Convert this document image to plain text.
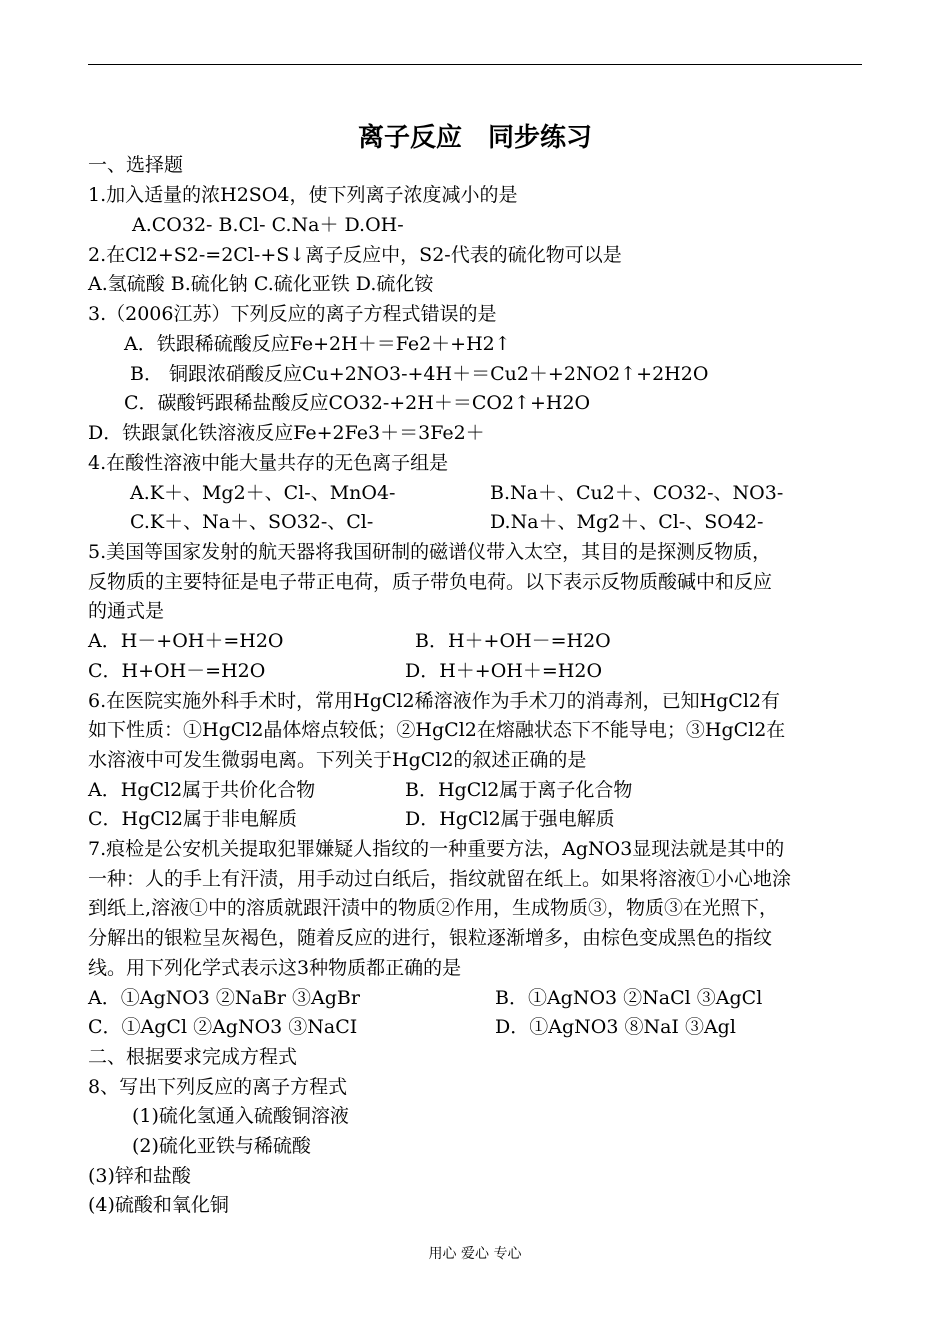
离子反应　同步练习
一、选择题
1.加入适量的浓H2SO4，使下列离子浓度减小的是
A.CO32- B.Cl- C.Na＋ D.OH-
2.在Cl2+S2-=2Cl-+S↓离子反应中，S2-代表的硫化物可以是
A.氢硫酸 B.硫化钠 C.硫化亚铁 D.硫化铵
3.（2006江苏）下列反应的离子方程式错误的是
A．铁跟稀硫酸反应Fe+2H＋＝Fe2＋+H2↑
B． 铜跟浓硝酸反应Cu+2NO3-+4H＋＝Cu2＋+2NO2↑+2H2O
C．碳酸钙跟稀盐酸反应CO32-+2H＋＝CO2↑+H2O
D．铁跟氯化铁溶液反应Fe+2Fe3＋＝3Fe2＋
4.在酸性溶液中能大量共存的无色离子组是
A.K＋、Mg2＋、Cl-、MnO4-	B.Na＋、Cu2＋、CO32-、NO3-
C.K＋、Na＋、SO32-、Cl-	D.Na＋、Mg2＋、Cl-、SO42-
5.美国等国家发射的航天器将我国研制的磁谱仪带入太空，其目的是探测反物质，
反物质的主要特征是电子带正电荷，质子带负电荷。以下表示反物质酸碱中和反应
的通式是
A．H－+OH＋=H2O	B．H＋+OH－=H2O
C．H+OH－=H2O	D．H＋+OH＋=H2O
6.在医院实施外科手术时，常用HgCl2稀溶液作为手术刀的消毒剂，已知HgCl2有
如下性质：①HgCl2晶体熔点较低；②HgCl2在熔融状态下不能导电；③HgCl2在
水溶液中可发生微弱电离。下列关于HgCl2的叙述正确的是
A．HgCl2属于共价化合物	B．HgCl2属于离子化合物
C．HgCl2属于非电解质	D．HgCl2属于强电解质
7.痕检是公安机关提取犯罪嫌疑人指纹的一种重要方法，AgNO3显现法就是其中的
一种：人的手上有汗渍，用手动过白纸后，指纹就留在纸上。如果将溶液①小心地涂
到纸上,溶液①中的溶质就跟汗渍中的物质②作用，生成物质③，物质③在光照下，
分解出的银粒呈灰褐色，随着反应的进行，银粒逐渐增多，由棕色变成黑色的指纹
线。用下列化学式表示这3种物质都正确的是
A．①AgNO3 ②NaBr ③AgBr	B．①AgNO3 ②NaCl ③AgCl
C．①AgCl ②AgNO3 ③NaCI	D．①AgNO3 ⑧NaI ③Agl
二、根据要求完成方程式
8、写出下列反应的离子方程式
(1)硫化氢通入硫酸铜溶液
(2)硫化亚铁与稀硫酸
(3)锌和盐酸
(4)硫酸和氧化铜
用心 爱心 专心
